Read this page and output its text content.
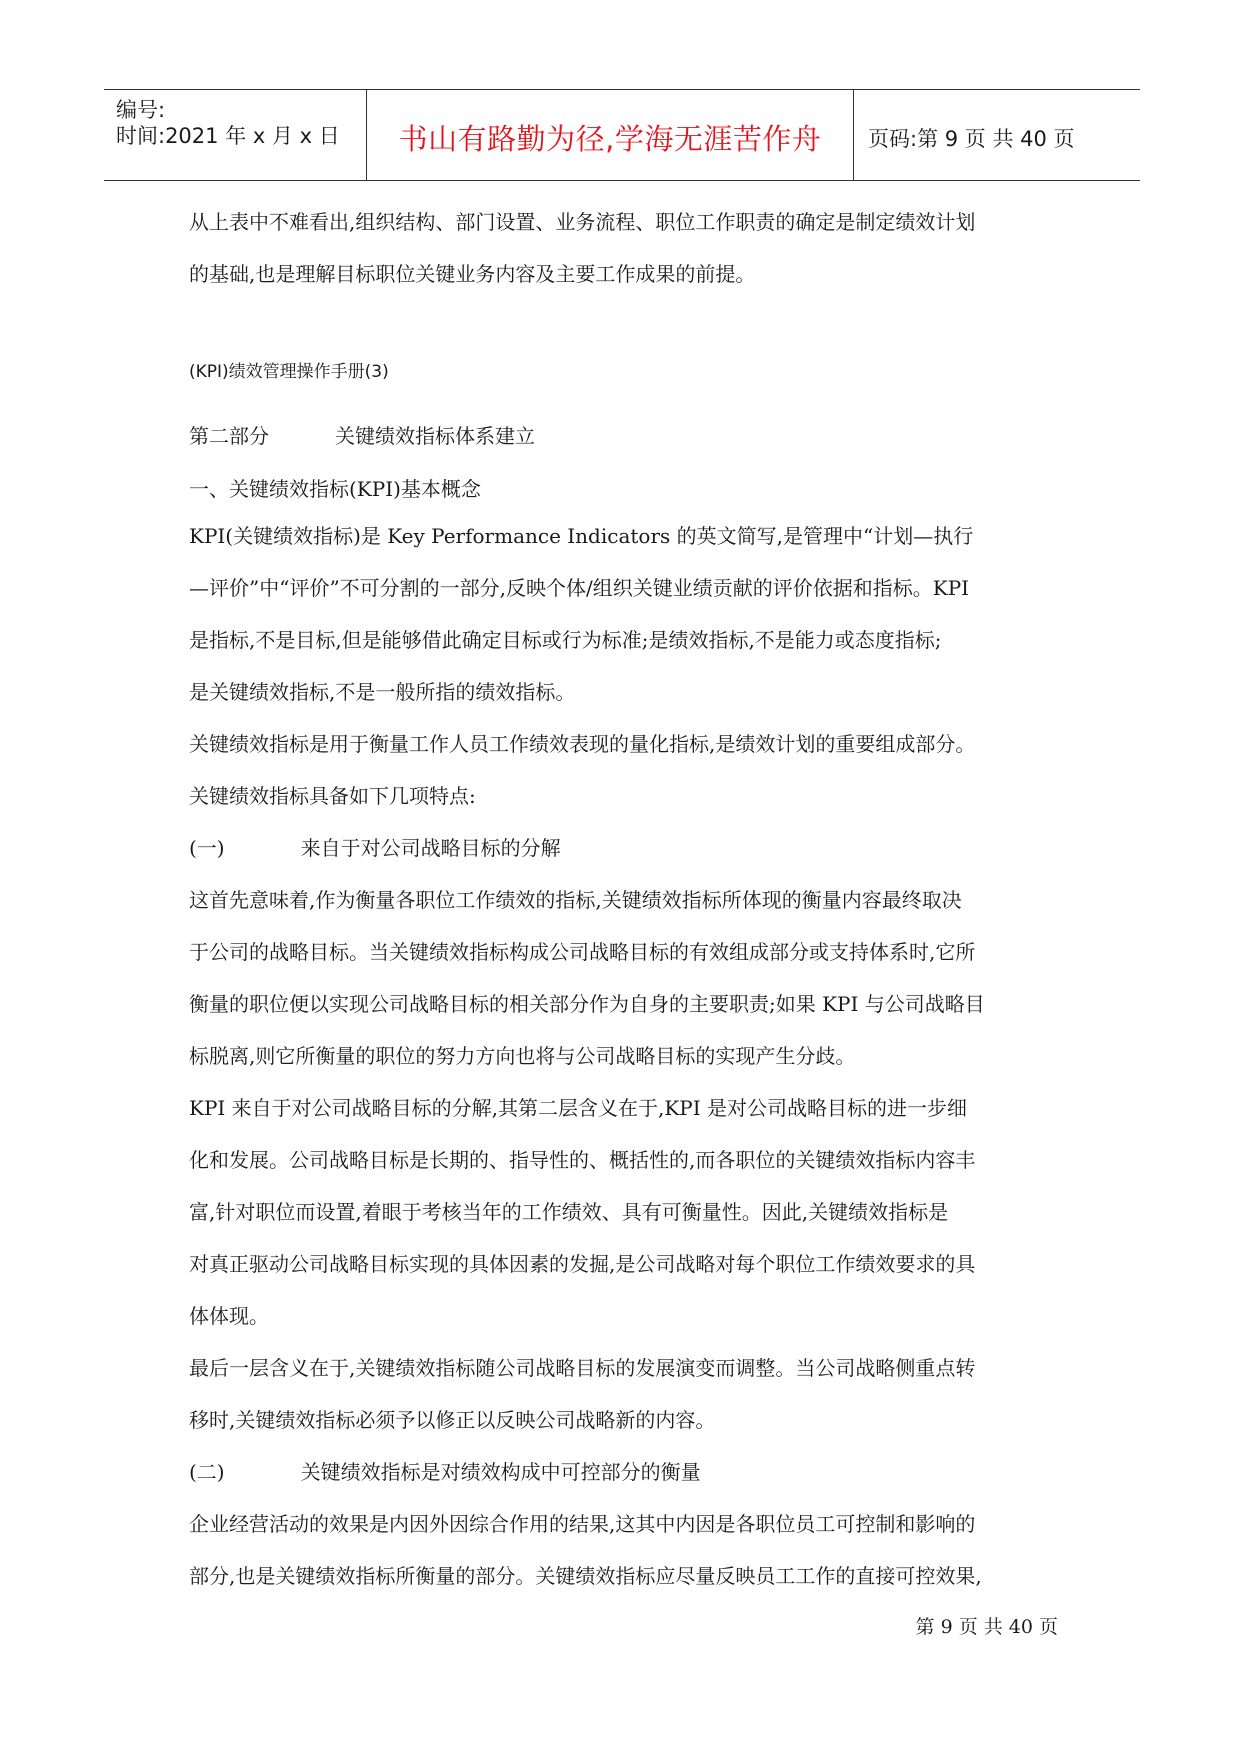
编号:
时间:2021 年 x 月 x 日	书山有路勤为径,学海无涯苦作舟	页码:第 9 页 共 40 页

从上表中不难看出,组织结构、部门设置、业务流程、职位工作职责的确定是制定绩效计划

的基础,也是理解目标职位关键业务内容及主要工作成果的前提。

(KPI)绩效管理操作手册(3)

第二部分	关键绩效指标体系建立

一、关键绩效指标(KPI)基本概念

KPI(关键绩效指标)是 Key Performance Indicators 的英文简写,是管理中“计划—执行

—评价”中“评价”不可分割的一部分,反映个体/组织关键业绩贡献的评价依据和指标。KPI

是指标,不是目标,但是能够借此确定目标或行为标准;是绩效指标,不是能力或态度指标;

是关键绩效指标,不是一般所指的绩效指标。

关键绩效指标是用于衡量工作人员工作绩效表现的量化指标,是绩效计划的重要组成部分。

关键绩效指标具备如下几项特点:

(一)	来自于对公司战略目标的分解

这首先意味着,作为衡量各职位工作绩效的指标,关键绩效指标所体现的衡量内容最终取决

于公司的战略目标。当关键绩效指标构成公司战略目标的有效组成部分或支持体系时,它所

衡量的职位便以实现公司战略目标的相关部分作为自身的主要职责;如果 KPI 与公司战略目

标脱离,则它所衡量的职位的努力方向也将与公司战略目标的实现产生分歧。

KPI 来自于对公司战略目标的分解,其第二层含义在于,KPI 是对公司战略目标的进一步细

化和发展。公司战略目标是长期的、指导性的、概括性的,而各职位的关键绩效指标内容丰

富,针对职位而设置,着眼于考核当年的工作绩效、具有可衡量性。因此,关键绩效指标是

对真正驱动公司战略目标实现的具体因素的发掘,是公司战略对每个职位工作绩效要求的具

体体现。

最后一层含义在于,关键绩效指标随公司战略目标的发展演变而调整。当公司战略侧重点转

移时,关键绩效指标必须予以修正以反映公司战略新的内容。

(二)	关键绩效指标是对绩效构成中可控部分的衡量

企业经营活动的效果是内因外因综合作用的结果,这其中内因是各职位员工可控制和影响的

部分,也是关键绩效指标所衡量的部分。关键绩效指标应尽量反映员工工作的直接可控效果,

第 9 页 共 40 页
